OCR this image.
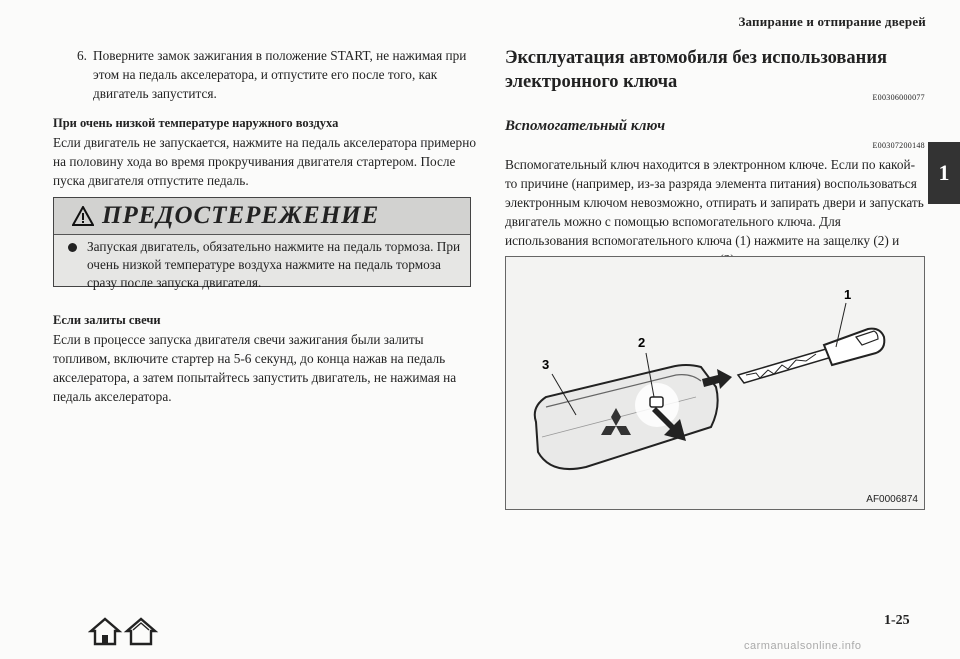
Запирание и отпирание дверей
1
6. Поверните замок зажигания в положение START, не нажимая при этом на педаль акселератора, и отпустите его после того, как двигатель запустится.

При очень низкой температуре наружного воздуха

Если двигатель не запускается, нажмите на педаль акселератора примерно на половину хода во время прокручивания двигателя стартером. После пуска двигателя отпустите педаль.

ПРЕДОСТЕРЕЖЕНИЕ

Запуская двигатель, обязательно нажмите на педаль тормоза. При очень низкой температуре воздуха нажмите на педаль тормоза сразу после запуска двигателя.

Если залиты свечи

Если в процессе запуска двигателя свечи зажигания были залиты топливом, включите стартер на 5-6 секунд, до конца нажав на педаль акселератора, а затем попытайтесь запустить двигатель, не нажимая на педаль акселератора.

Эксплуатация автомобиля без использования электронного ключа
E00306000077
Вспомогательный ключ
E00307200148

Вспомогательный ключ находится в электронном ключе. Если по какой-то причине (например, из-за разряда элемента питания) воспользоваться электронным ключом невозможно, отпирать и запирать двери и запускать двигатель можно с помощью вспомогательного ключа. Для использования вспомогательного ключа (1) нажмите на защелку (2) и

1
2
3
AF0006874
1-25
carmanualsonline.info
